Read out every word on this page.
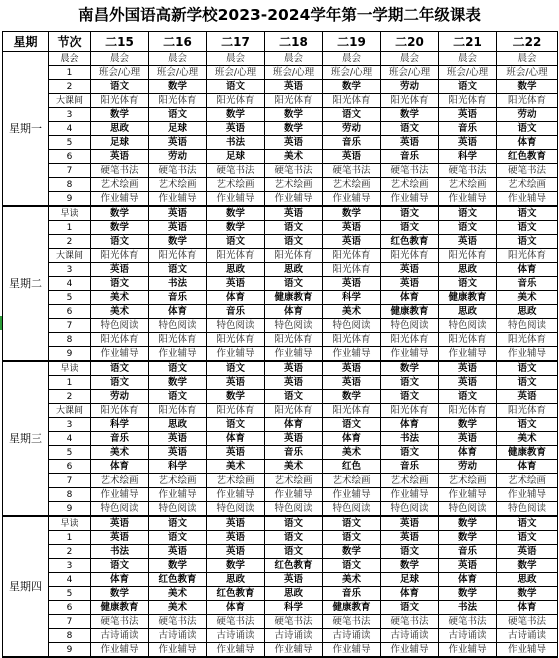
南昌外国语高新学校2023-2024学年第一学期二年级课表
星期	节次	二15	二16	二17	二18	二19	二20	二21	二22
星期一	晨会	晨会	晨会	晨会	晨会	晨会	晨会	晨会	晨会
	1	班会/心理	班会/心理	班会/心理	班会/心理	班会/心理	班会/心理	班会/心理	班会/心理
	2	语文	数学	语文	英语	数学	劳动	语文	数学
	大课间	阳光体育	阳光体育	阳光体育	阳光体育	阳光体育	阳光体育	阳光体育	阳光体育
	3	数学	语文	数学	数学	语文	数学	英语	劳动
	4	思政	足球	英语	数学	劳动	语文	音乐	语文
	5	足球	英语	书法	英语	音乐	英语	英语	体育
	6	英语	劳动	足球	美术	英语	音乐	科学	红色教育
	7	硬笔书法	硬笔书法	硬笔书法	硬笔书法	硬笔书法	硬笔书法	硬笔书法	硬笔书法
	8	艺术绘画	艺术绘画	艺术绘画	艺术绘画	艺术绘画	艺术绘画	艺术绘画	艺术绘画
	9	作业辅导	作业辅导	作业辅导	作业辅导	作业辅导	作业辅导	作业辅导	作业辅导
星期二	早读	数学	英语	数学	英语	数学	语文	语文	语文
	1	数学	英语	数学	语文	英语	语文	语文	语文
	2	语文	数学	语文	语文	英语	红色教育	英语	语文
	大课间	阳光体育	阳光体育	阳光体育	阳光体育	阳光体育	阳光体育	阳光体育	阳光体育
	3	英语	语文	思政	思政	阳光体育	英语	思政	体育
	4	语文	书法	英语	语文	英语	英语	语文	音乐
	5	美术	音乐	体育	健康教育	科学	体育	健康教育	美术
	6	美术	体育	音乐	体育	美术	健康教育	思政	思政
	7	特色阅读	特色阅读	特色阅读	特色阅读	特色阅读	特色阅读	特色阅读	特色阅读
	8	阳光体育	阳光体育	阳光体育	阳光体育	阳光体育	阳光体育	阳光体育	阳光体育
	9	作业辅导	作业辅导	作业辅导	作业辅导	作业辅导	作业辅导	作业辅导	作业辅导
星期三	早读	语文	语文	语文	英语	英语	数学	英语	语文
	1	语文	数学	英语	英语	英语	语文	英语	语文
	2	劳动	语文	数学	语文	数学	语文	语文	英语
	大课间	阳光体育	阳光体育	阳光体育	阳光体育	阳光体育	阳光体育	阳光体育	阳光体育
	3	科学	思政	语文	体育	语文	体育	数学	语文
	4	音乐	英语	体育	英语	体育	书法	英语	美术
	5	美术	英语	英语	音乐	美术	语文	体育	健康教育
	6	体育	科学	美术	美术	红色	音乐	劳动	体育
	7	艺术绘画	艺术绘画	艺术绘画	艺术绘画	艺术绘画	艺术绘画	艺术绘画	艺术绘画
	8	作业辅导	作业辅导	作业辅导	作业辅导	作业辅导	作业辅导	作业辅导	作业辅导
	9	特色阅读	特色阅读	特色阅读	特色阅读	特色阅读	特色阅读	特色阅读	特色阅读
星期四	早读	英语	语文	英语	语文	语文	英语	数学	语文
	1	英语	语文	英语	语文	语文	英语	数学	语文
	2	书法	英语	英语	语文	数学	语文	音乐	英语
	3	语文	数学	数学	红色教育	语文	数学	英语	数学
	4	体育	红色教育	思政	英语	美术	足球	体育	思政
	5	数学	美术	红色教育	思政	音乐	体育	数学	数学
	6	健康教育	美术	体育	科学	健康教育	语文	书法	体育
	7	硬笔书法	硬笔书法	硬笔书法	硬笔书法	硬笔书法	硬笔书法	硬笔书法	硬笔书法
	8	古诗诵读	古诗诵读	古诗诵读	古诗诵读	古诗诵读	古诗诵读	古诗诵读	古诗诵读
	9	作业辅导	作业辅导	作业辅导	作业辅导	作业辅导	作业辅导	作业辅导	作业辅导
